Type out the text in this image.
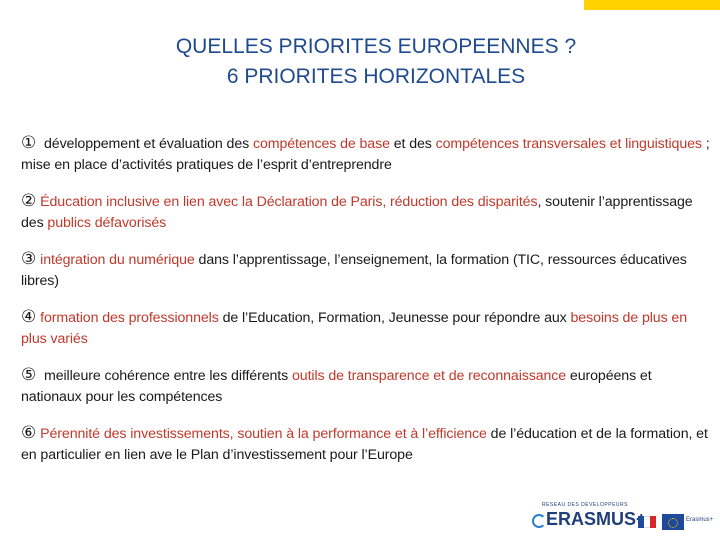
QUELLES PRIORITES EUROPEENNES ?
6 PRIORITES HORIZONTALES
① développement et évaluation des compétences de base et des compétences transversales et linguistiques ; mise en place d’activités pratiques de l’esprit d’entreprendre
② Éducation inclusive en lien avec la Déclaration de Paris, réduction des disparités, soutenir l’apprentissage des publics défavorisés
③ intégration du numérique dans l’apprentissage, l’enseignement, la formation (TIC, ressources éducatives libres)
④ formation des professionnels de l’Education, Formation, Jeunesse pour répondre aux besoins de plus en plus variés
⑤ meilleure cohérence entre les différents outils de transparence et de reconnaissance européens et nationaux pour les compétences
⑥ Pérennité des investissements, soutien à la performance et à l’efficience de l’éducation et de la formation, et en particulier en lien ave le Plan d’investissement pour l’Europe
RESEAU DES DEVELOPPEURS
ERASMUS	Erasmus+
